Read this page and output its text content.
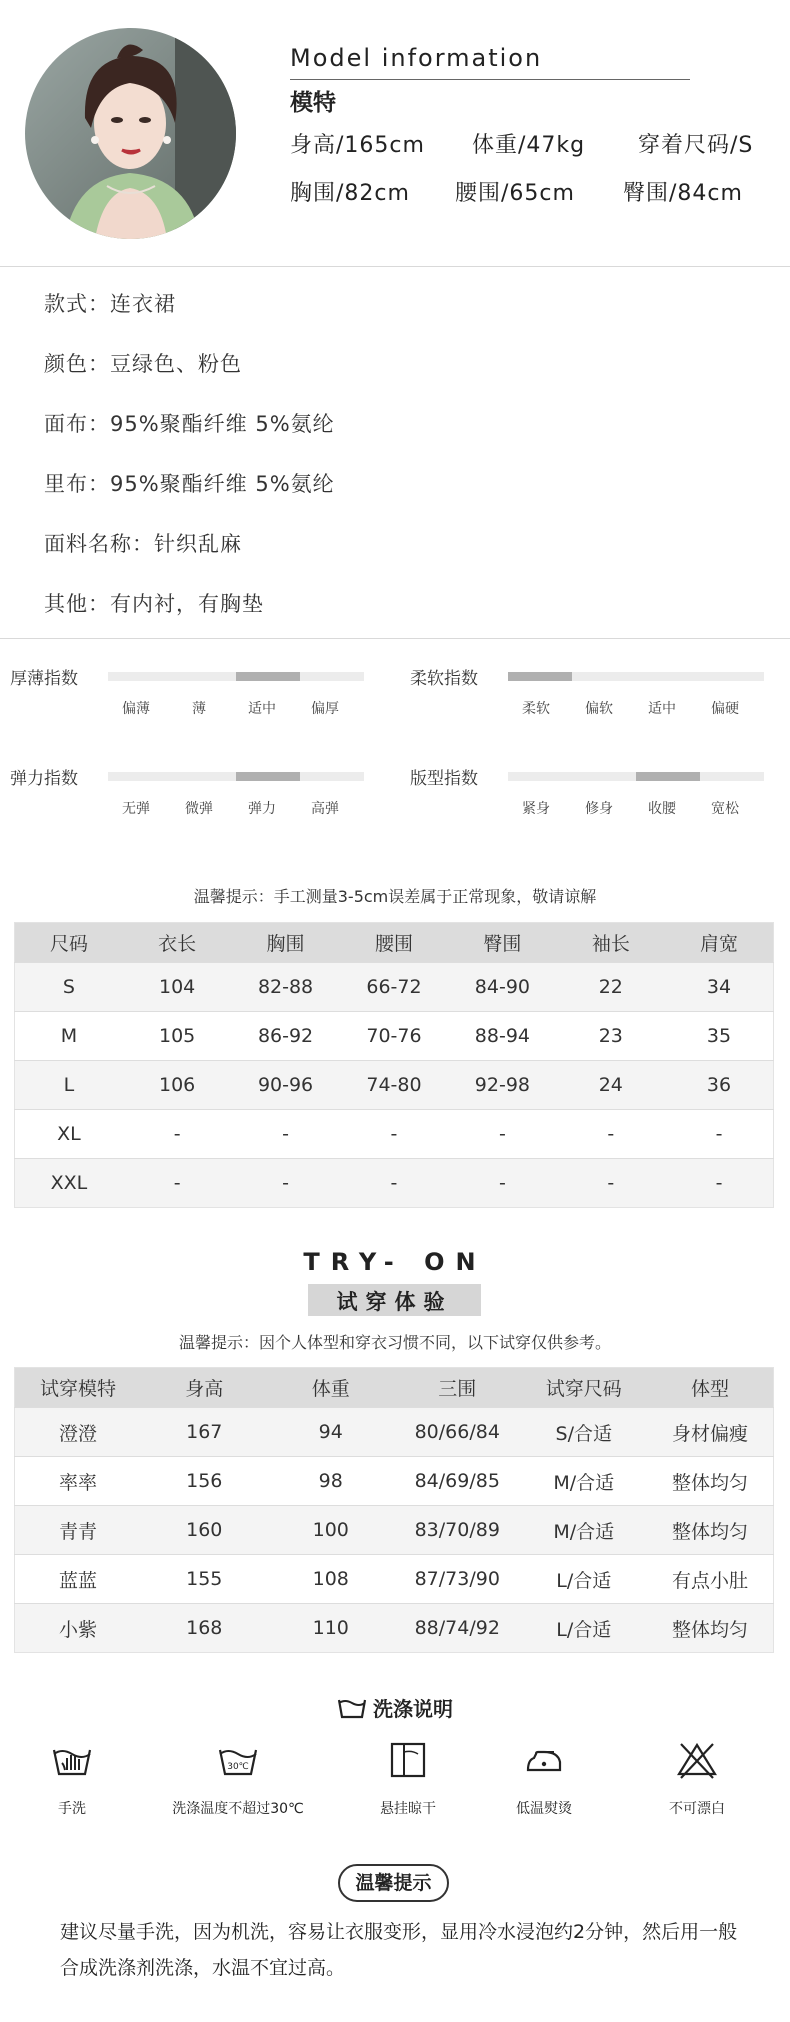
Model information
模特
身高/165cm 体重/47kg 穿着尺码/S
胸围/82cm 腰围/65cm 臀围/84cm
款式：连衣裙
颜色：豆绿色、粉色
面布：95%聚酯纤维 5%氨纶
里布：95%聚酯纤维 5%氨纶
面料名称：针织乱麻
其他：有内衬，有胸垫
厚薄指数
偏薄	薄	适中	偏厚
柔软指数
柔软	偏软	适中	偏硬
弹力指数
无弹	微弹	弹力	高弹
版型指数
紧身	修身	收腰	宽松
温馨提示：手工测量3-5cm误差属于正常现象，敬请谅解
尺码	衣长	胸围	腰围	臀围	袖长	肩宽
S	104	82-88	66-72	84-90	22	34
M	105	86-92	70-76	88-94	23	35
L	106	90-96	74-80	92-98	24	36
XL	-	-	-	-	-	-
XXL	-	-	-	-	-	-
TRY- ON
试穿体验
温馨提示：因个人体型和穿衣习惯不同，以下试穿仅供参考。
试穿模特	身高	体重	三围	试穿尺码	体型
澄澄	167	94	80/66/84	S/合适	身材偏瘦
率率	156	98	84/69/85	M/合适	整体均匀
青青	160	100	83/70/89	M/合适	整体均匀
蓝蓝	155	108	87/73/90	L/合适	有点小肚
小紫	168	110	88/74/92	L/合适	整体均匀
洗涤说明
手洗
30℃
洗涤温度不超过30℃	悬挂晾干	低温熨烫	不可漂白
温馨提示
建议尽量手洗，因为机洗，容易让衣服变形，显用冷水浸泡约2分钟，然后用一般合成洗涤剂洗涤，水温不宜过高。
